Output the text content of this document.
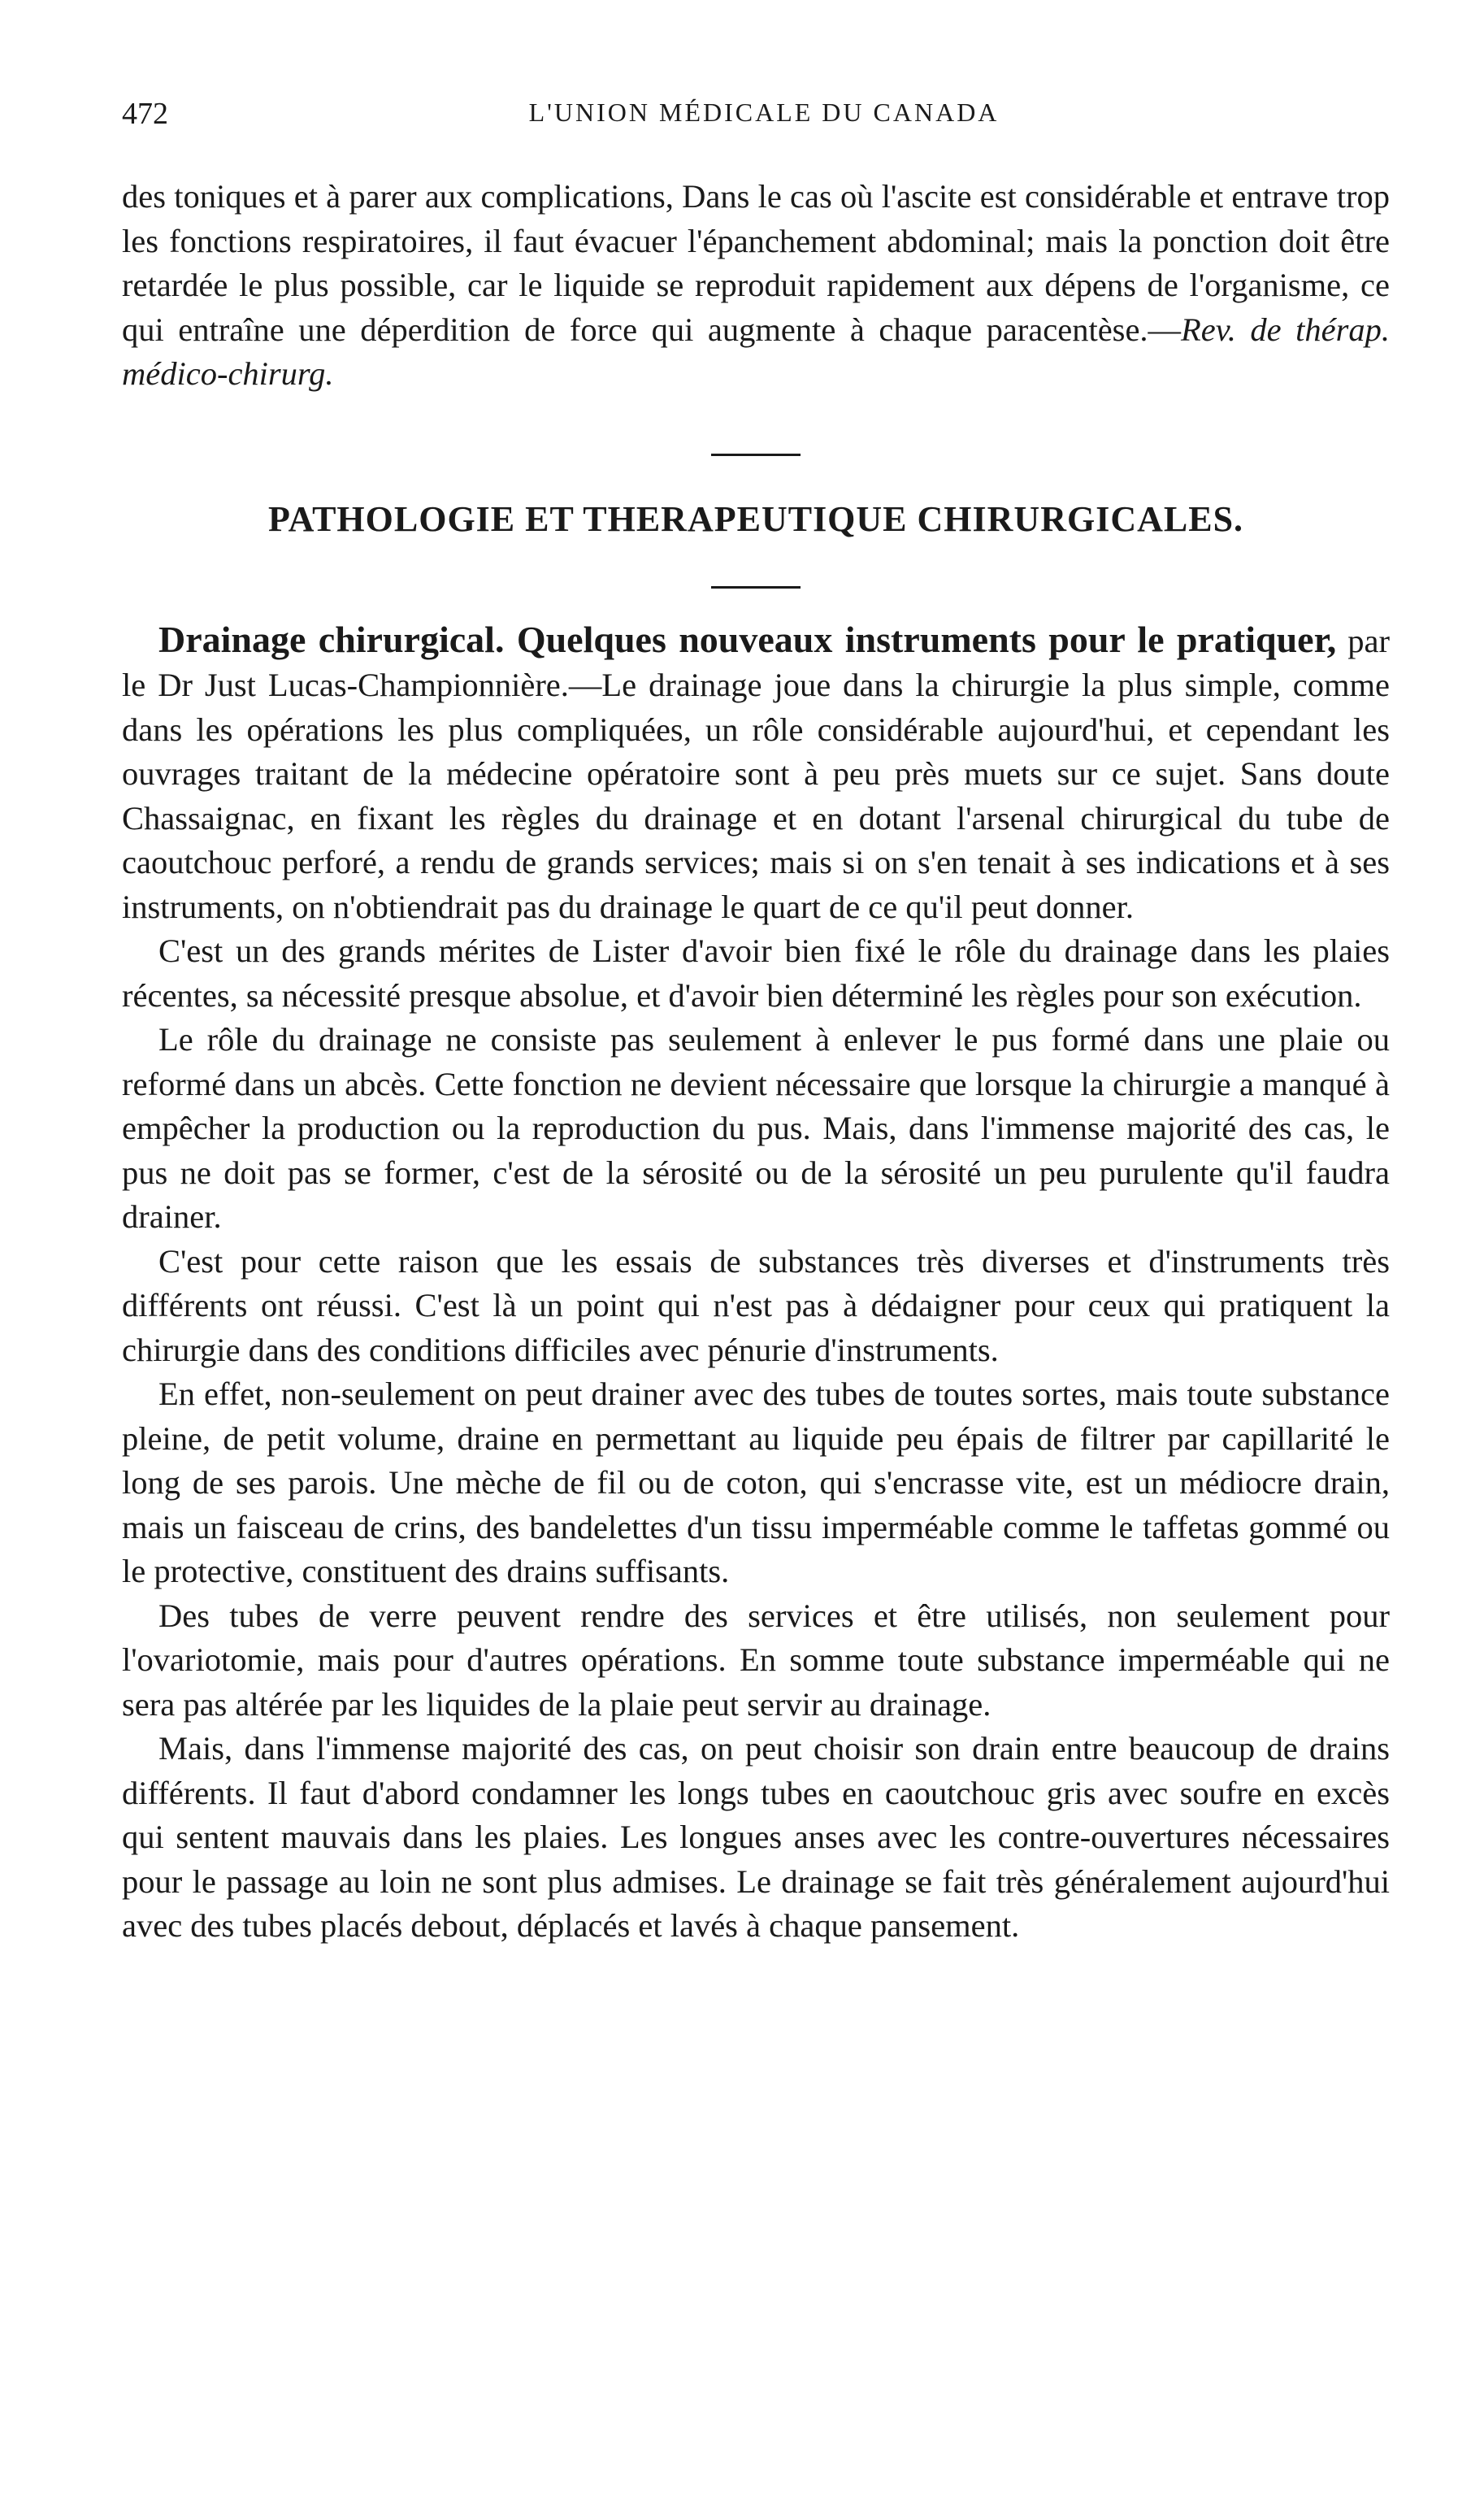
472	L'UNION MÉDICALE DU CANADA

des toniques et à parer aux complications, Dans le cas où l'ascite est considérable et entrave trop les fonctions respiratoires, il faut évacuer l'épanchement abdominal; mais la ponction doit être retardée le plus possible, car le liquide se reproduit rapidement aux dépens de l'organisme, ce qui entraîne une déperdition de force qui augmente à chaque paracentèse.—Rev. de thérap. médico-chirurg.

PATHOLOGIE ET THERAPEUTIQUE CHIRURGICALES.

Drainage chirurgical. Quelques nouveaux instruments pour le pratiquer, par le Dr Just Lucas-Championnière.—Le drainage joue dans la chirurgie la plus simple, comme dans les opérations les plus compliquées, un rôle considérable aujourd'hui, et cependant les ouvrages traitant de la médecine opératoire sont à peu près muets sur ce sujet. Sans doute Chassaignac, en fixant les règles du drainage et en dotant l'arsenal chirurgical du tube de caoutchouc perforé, a rendu de grands services; mais si on s'en tenait à ses indications et à ses instruments, on n'obtiendrait pas du drainage le quart de ce qu'il peut donner.

C'est un des grands mérites de Lister d'avoir bien fixé le rôle du drainage dans les plaies récentes, sa nécessité presque absolue, et d'avoir bien déterminé les règles pour son exécution.

Le rôle du drainage ne consiste pas seulement à enlever le pus formé dans une plaie ou reformé dans un abcès. Cette fonction ne devient nécessaire que lorsque la chirurgie a manqué à empêcher la production ou la reproduction du pus. Mais, dans l'immense majorité des cas, le pus ne doit pas se former, c'est de la sérosité ou de la sérosité un peu purulente qu'il faudra drainer.

C'est pour cette raison que les essais de substances très diverses et d'instruments très différents ont réussi. C'est là un point qui n'est pas à dédaigner pour ceux qui pratiquent la chirurgie dans des conditions difficiles avec pénurie d'instruments.

En effet, non-seulement on peut drainer avec des tubes de toutes sortes, mais toute substance pleine, de petit volume, draine en permettant au liquide peu épais de filtrer par capillarité le long de ses parois. Une mèche de fil ou de coton, qui s'encrasse vite, est un médiocre drain, mais un faisceau de crins, des bandelettes d'un tissu imperméable comme le taffetas gommé ou le protective, constituent des drains suffisants.

Des tubes de verre peuvent rendre des services et être utilisés, non seulement pour l'ovariotomie, mais pour d'autres opérations. En somme toute substance imperméable qui ne sera pas altérée par les liquides de la plaie peut servir au drainage.

Mais, dans l'immense majorité des cas, on peut choisir son drain entre beaucoup de drains différents. Il faut d'abord condamner les longs tubes en caoutchouc gris avec soufre en excès qui sentent mauvais dans les plaies. Les longues anses avec les contre-ouvertures nécessaires pour le passage au loin ne sont plus admises. Le drainage se fait très généralement aujourd'hui avec des tubes placés debout, déplacés et lavés à chaque pansement.
